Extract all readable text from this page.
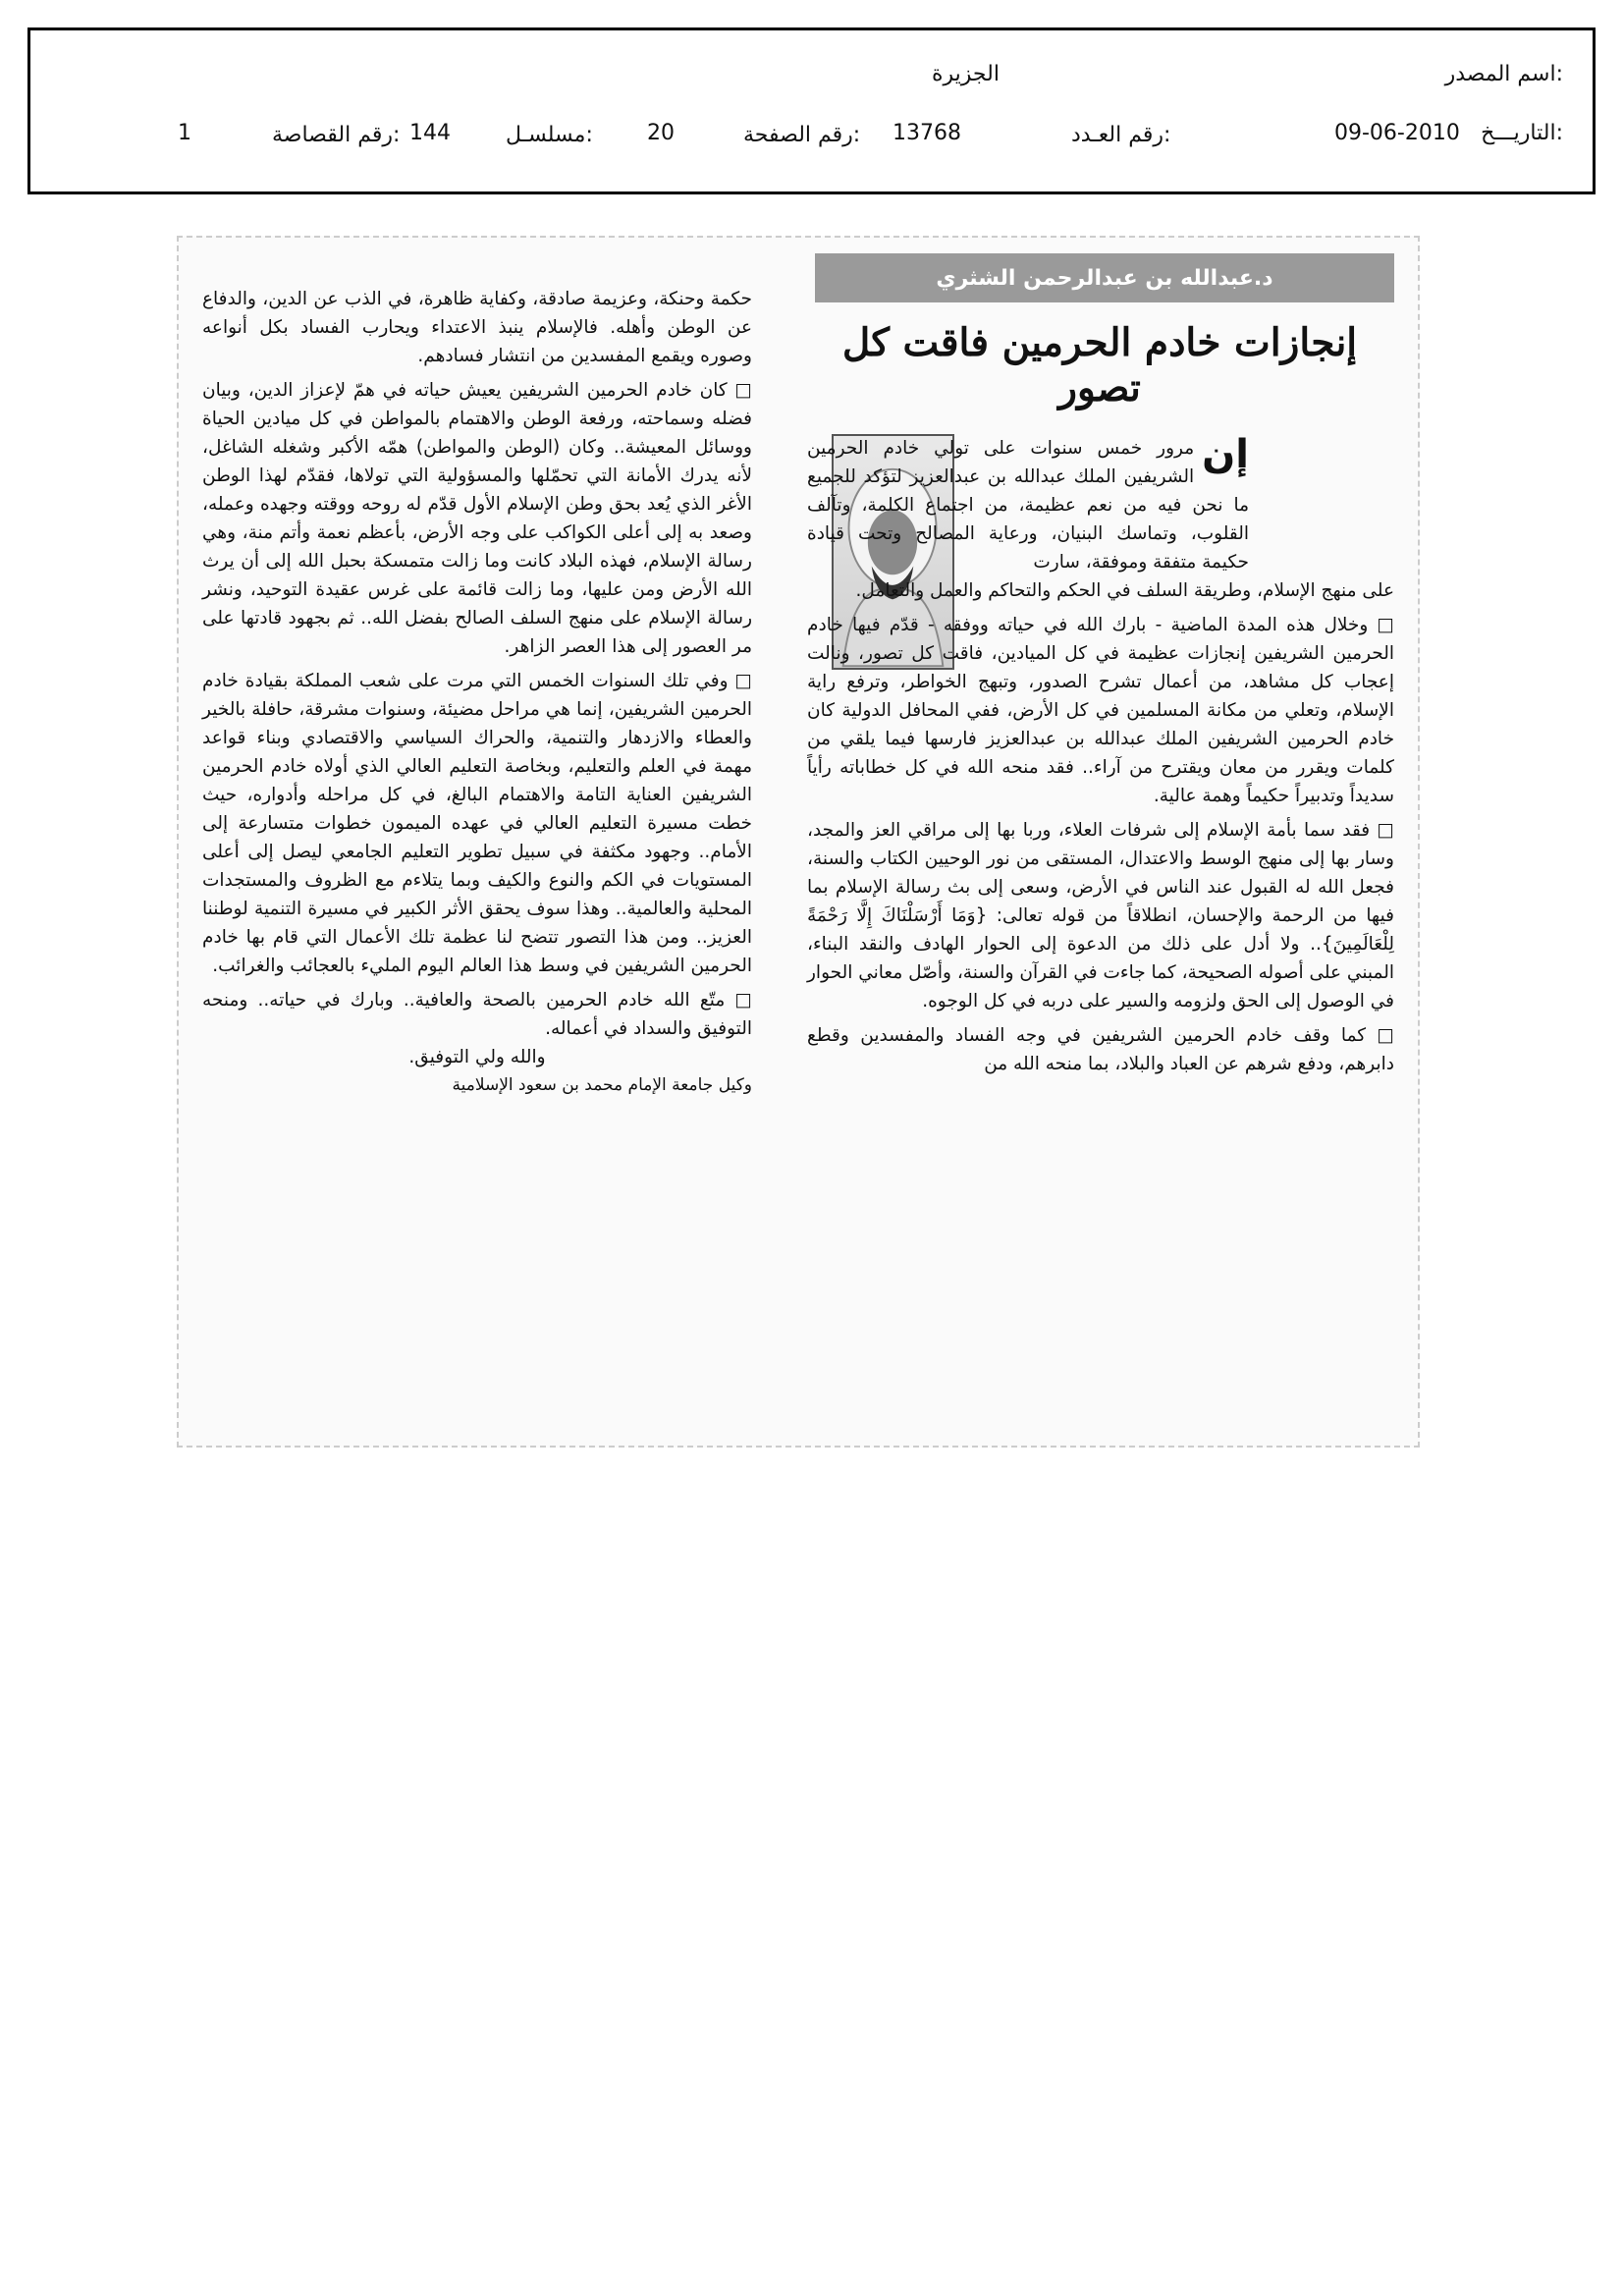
اسم المصدر:
الجزيرة
التاريـــخ:
09-06-2010
رقم العـدد:
13768
رقم الصفحة:
20
مسلسـل:
144
رقم القصاصة:
1
د.عبدالله بن عبدالرحمن الشثري
إنجازات خادم الحرمين فاقت كل تصور
إن
مرور خمس سنوات على تولي خادم الحرمين الشريفين الملك عبدالله بن عبدالعزيز لتؤكد للجميع ما نحن فيه من نعم عظيمة، من اجتماع الكلمة، وتآلف القلوب، وتماسك البنيان، ورعاية المصالح وتحت قيادة حكيمة متفقة وموفقة، سارت

على منهج الإسلام، وطريقة السلف في الحكم والتحاكم والعمل والتعامل.

□ وخلال هذه المدة الماضية - بارك الله في حياته ووفقه - قدّم فيها خادم الحرمين الشريفين إنجازات عظيمة في كل الميادين، فاقت كل تصور، ونالت إعجاب كل مشاهد، من أعمال تشرح الصدور، وتبهج الخواطر، وترفع راية الإسلام، وتعلي من مكانة المسلمين في كل الأرض، ففي المحافل الدولية كان خادم الحرمين الشريفين الملك عبدالله بن عبدالعزيز فارسها فيما يلقي من كلمات ويقرر من معان ويقترح من آراء.. فقد منحه الله في كل خطاباته رأياً سديداً وتدبيراً حكيماً وهمة عالية.

□ فقد سما بأمة الإسلام إلى شرفات العلاء، وربا بها إلى مراقي العز والمجد، وسار بها إلى منهج الوسط والاعتدال، المستقى من نور الوحيين الكتاب والسنة، فجعل الله له القبول عند الناس في الأرض، وسعى إلى بث رسالة الإسلام بما فيها من الرحمة والإحسان، انطلاقاً من قوله تعالى: {وَمَا أَرْسَلْنَاكَ إِلَّا رَحْمَةً لِلْعَالَمِينَ}.. ولا أدل على ذلك من الدعوة إلى الحوار الهادف والنقد البناء، المبني على أصوله الصحيحة، كما جاءت في القرآن والسنة، وأصّل معاني الحوار في الوصول إلى الحق ولزومه والسير على دربه في كل الوجوه.

□ كما وقف خادم الحرمين الشريفين في وجه الفساد والمفسدين وقطع دابرهم، ودفع شرهم عن العباد والبلاد، بما منحه الله من

حكمة وحنكة، وعزيمة صادقة، وكفاية ظاهرة، في الذب عن الدين، والدفاع عن الوطن وأهله. فالإسلام ينبذ الاعتداء ويحارب الفساد بكل أنواعه وصوره ويقمع المفسدين من انتشار فسادهم.

□ كان خادم الحرمين الشريفين يعيش حياته في همّ لإعزاز الدين، وبيان فضله وسماحته، ورفعة الوطن والاهتمام بالمواطن في كل ميادين الحياة ووسائل المعيشة.. وكان (الوطن والمواطن) همّه الأكبر وشغله الشاغل، لأنه يدرك الأمانة التي تحمّلها والمسؤولية التي تولاها، فقدّم لهذا الوطن الأغر الذي يُعد بحق وطن الإسلام الأول قدّم له روحه ووقته وجهده وعمله، وصعد به إلى أعلى الكواكب على وجه الأرض، بأعظم نعمة وأتم منة، وهي رسالة الإسلام، فهذه البلاد كانت وما زالت متمسكة بحبل الله إلى أن يرث الله الأرض ومن عليها، وما زالت قائمة على غرس عقيدة التوحيد، ونشر رسالة الإسلام على منهج السلف الصالح بفضل الله.. ثم بجهود قادتها على مر العصور إلى هذا العصر الزاهر.

□ وفي تلك السنوات الخمس التي مرت على شعب المملكة بقيادة خادم الحرمين الشريفين، إنما هي مراحل مضيئة، وسنوات مشرقة، حافلة بالخير والعطاء والازدهار والتنمية، والحراك السياسي والاقتصادي وبناء قواعد مهمة في العلم والتعليم، وبخاصة التعليم العالي الذي أولاه خادم الحرمين الشريفين العناية التامة والاهتمام البالغ، في كل مراحله وأدواره، حيث خطت مسيرة التعليم العالي في عهده الميمون خطوات متسارعة إلى الأمام.. وجهود مكثفة في سبيل تطوير التعليم الجامعي ليصل إلى أعلى المستويات في الكم والنوع والكيف وبما يتلاءم مع الظروف والمستجدات المحلية والعالمية.. وهذا سوف يحقق الأثر الكبير في مسيرة التنمية لوطننا العزيز.. ومن هذا التصور تتضح لنا عظمة تلك الأعمال التي قام بها خادم الحرمين الشريفين في وسط هذا العالم اليوم المليء بالعجائب والغرائب.

□ متّع الله خادم الحرمين بالصحة والعافية.. وبارك في حياته.. ومنحه التوفيق والسداد في أعماله.

والله ولي التوفيق.

وكيل جامعة الإمام محمد بن سعود الإسلامية
